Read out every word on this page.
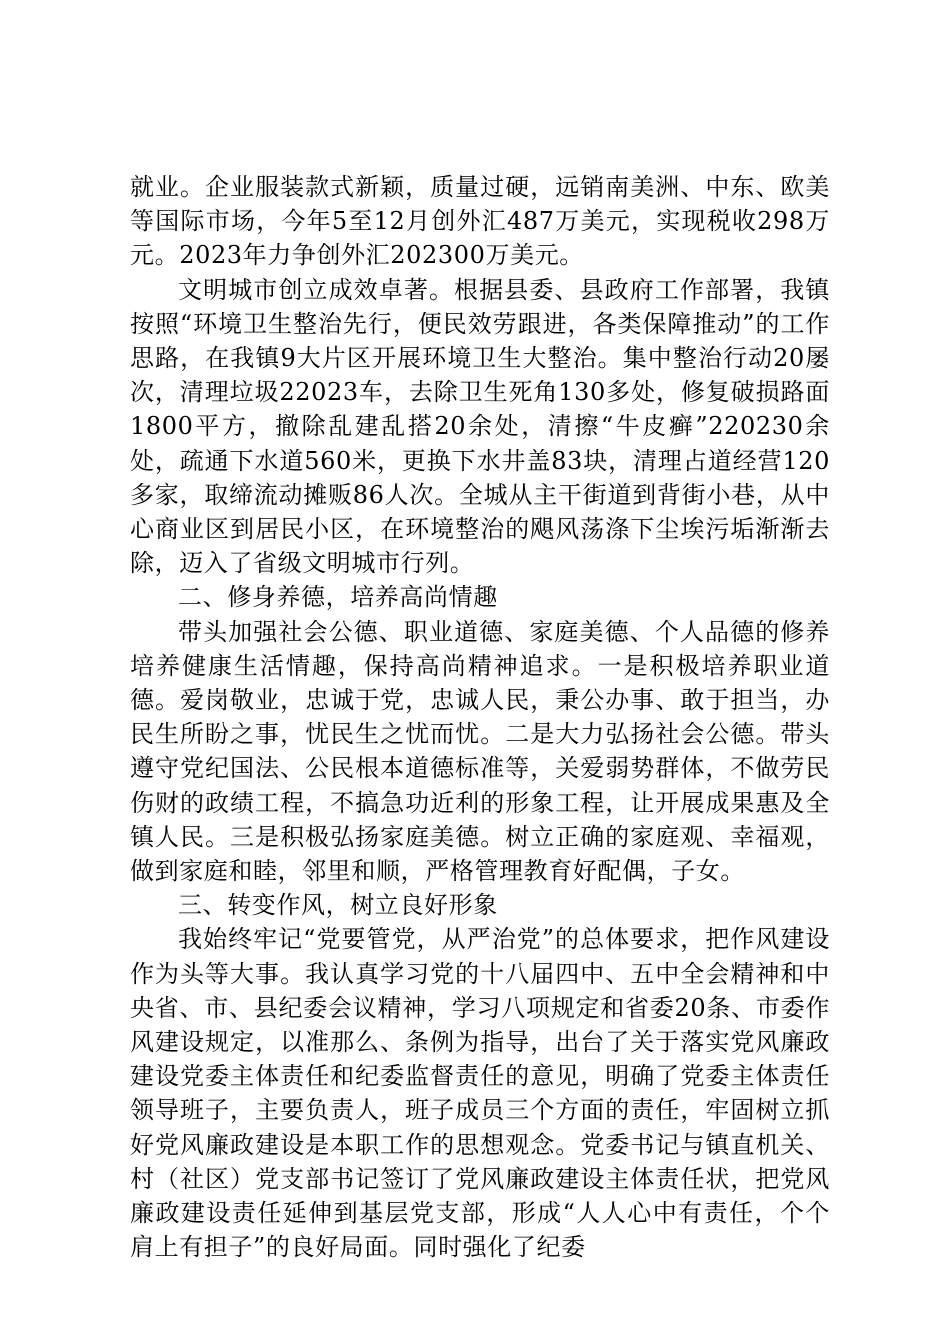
就业。企业服装款式新颖，质量过硬，远销南美洲、中东、欧美等国际市场，今年5至12月创外汇487万美元，实现税收298万元。2023年力争创外汇202300万美元。

文明城市创立成效卓著。根据县委、县政府工作部署，我镇按照“环境卫生整治先行，便民效劳跟进，各类保障推动”的工作思路，在我镇9大片区开展环境卫生大整治。集中整治行动20屡次，清理垃圾22023车，去除卫生死角130多处，修复破损路面1800平方，撤除乱建乱搭20余处，清擦“牛皮癣”220230余处，疏通下水道560米，更换下水井盖83块，清理占道经营120多家，取缔流动摊贩86人次。全城从主干街道到背街小巷，从中心商业区到居民小区，在环境整治的飓风荡涤下尘埃污垢渐渐去除，迈入了省级文明城市行列。

二、修身养德，培养高尚情趣

带头加强社会公德、职业道德、家庭美德、个人品德的修养培养健康生活情趣，保持高尚精神追求。一是积极培养职业道德。爱岗敬业，忠诚于党，忠诚人民，秉公办事、敢于担当，办民生所盼之事，忧民生之忧而忧。二是大力弘扬社会公德。带头遵守党纪国法、公民根本道德标准等，关爱弱势群体，不做劳民伤财的政绩工程，不搞急功近利的形象工程，让开展成果惠及全镇人民。三是积极弘扬家庭美德。树立正确的家庭观、幸福观，做到家庭和睦，邻里和顺，严格管理教育好配偶，子女。

三、转变作风，树立良好形象

我始终牢记“党要管党，从严治党”的总体要求，把作风建设作为头等大事。我认真学习党的十八届四中、五中全会精神和中央省、市、县纪委会议精神，学习八项规定和省委20条、市委作风建设规定，以准那么、条例为指导，出台了关于落实党风廉政建设党委主体责任和纪委监督责任的意见，明确了党委主体责任领导班子，主要负责人，班子成员三个方面的责任，牢固树立抓好党风廉政建设是本职工作的思想观念。党委书记与镇直机关、村（社区）党支部书记签订了党风廉政建设主体责任状，把党风廉政建设责任延伸到基层党支部，形成“人人心中有责任，个个肩上有担子”的良好局面。同时强化了纪委
